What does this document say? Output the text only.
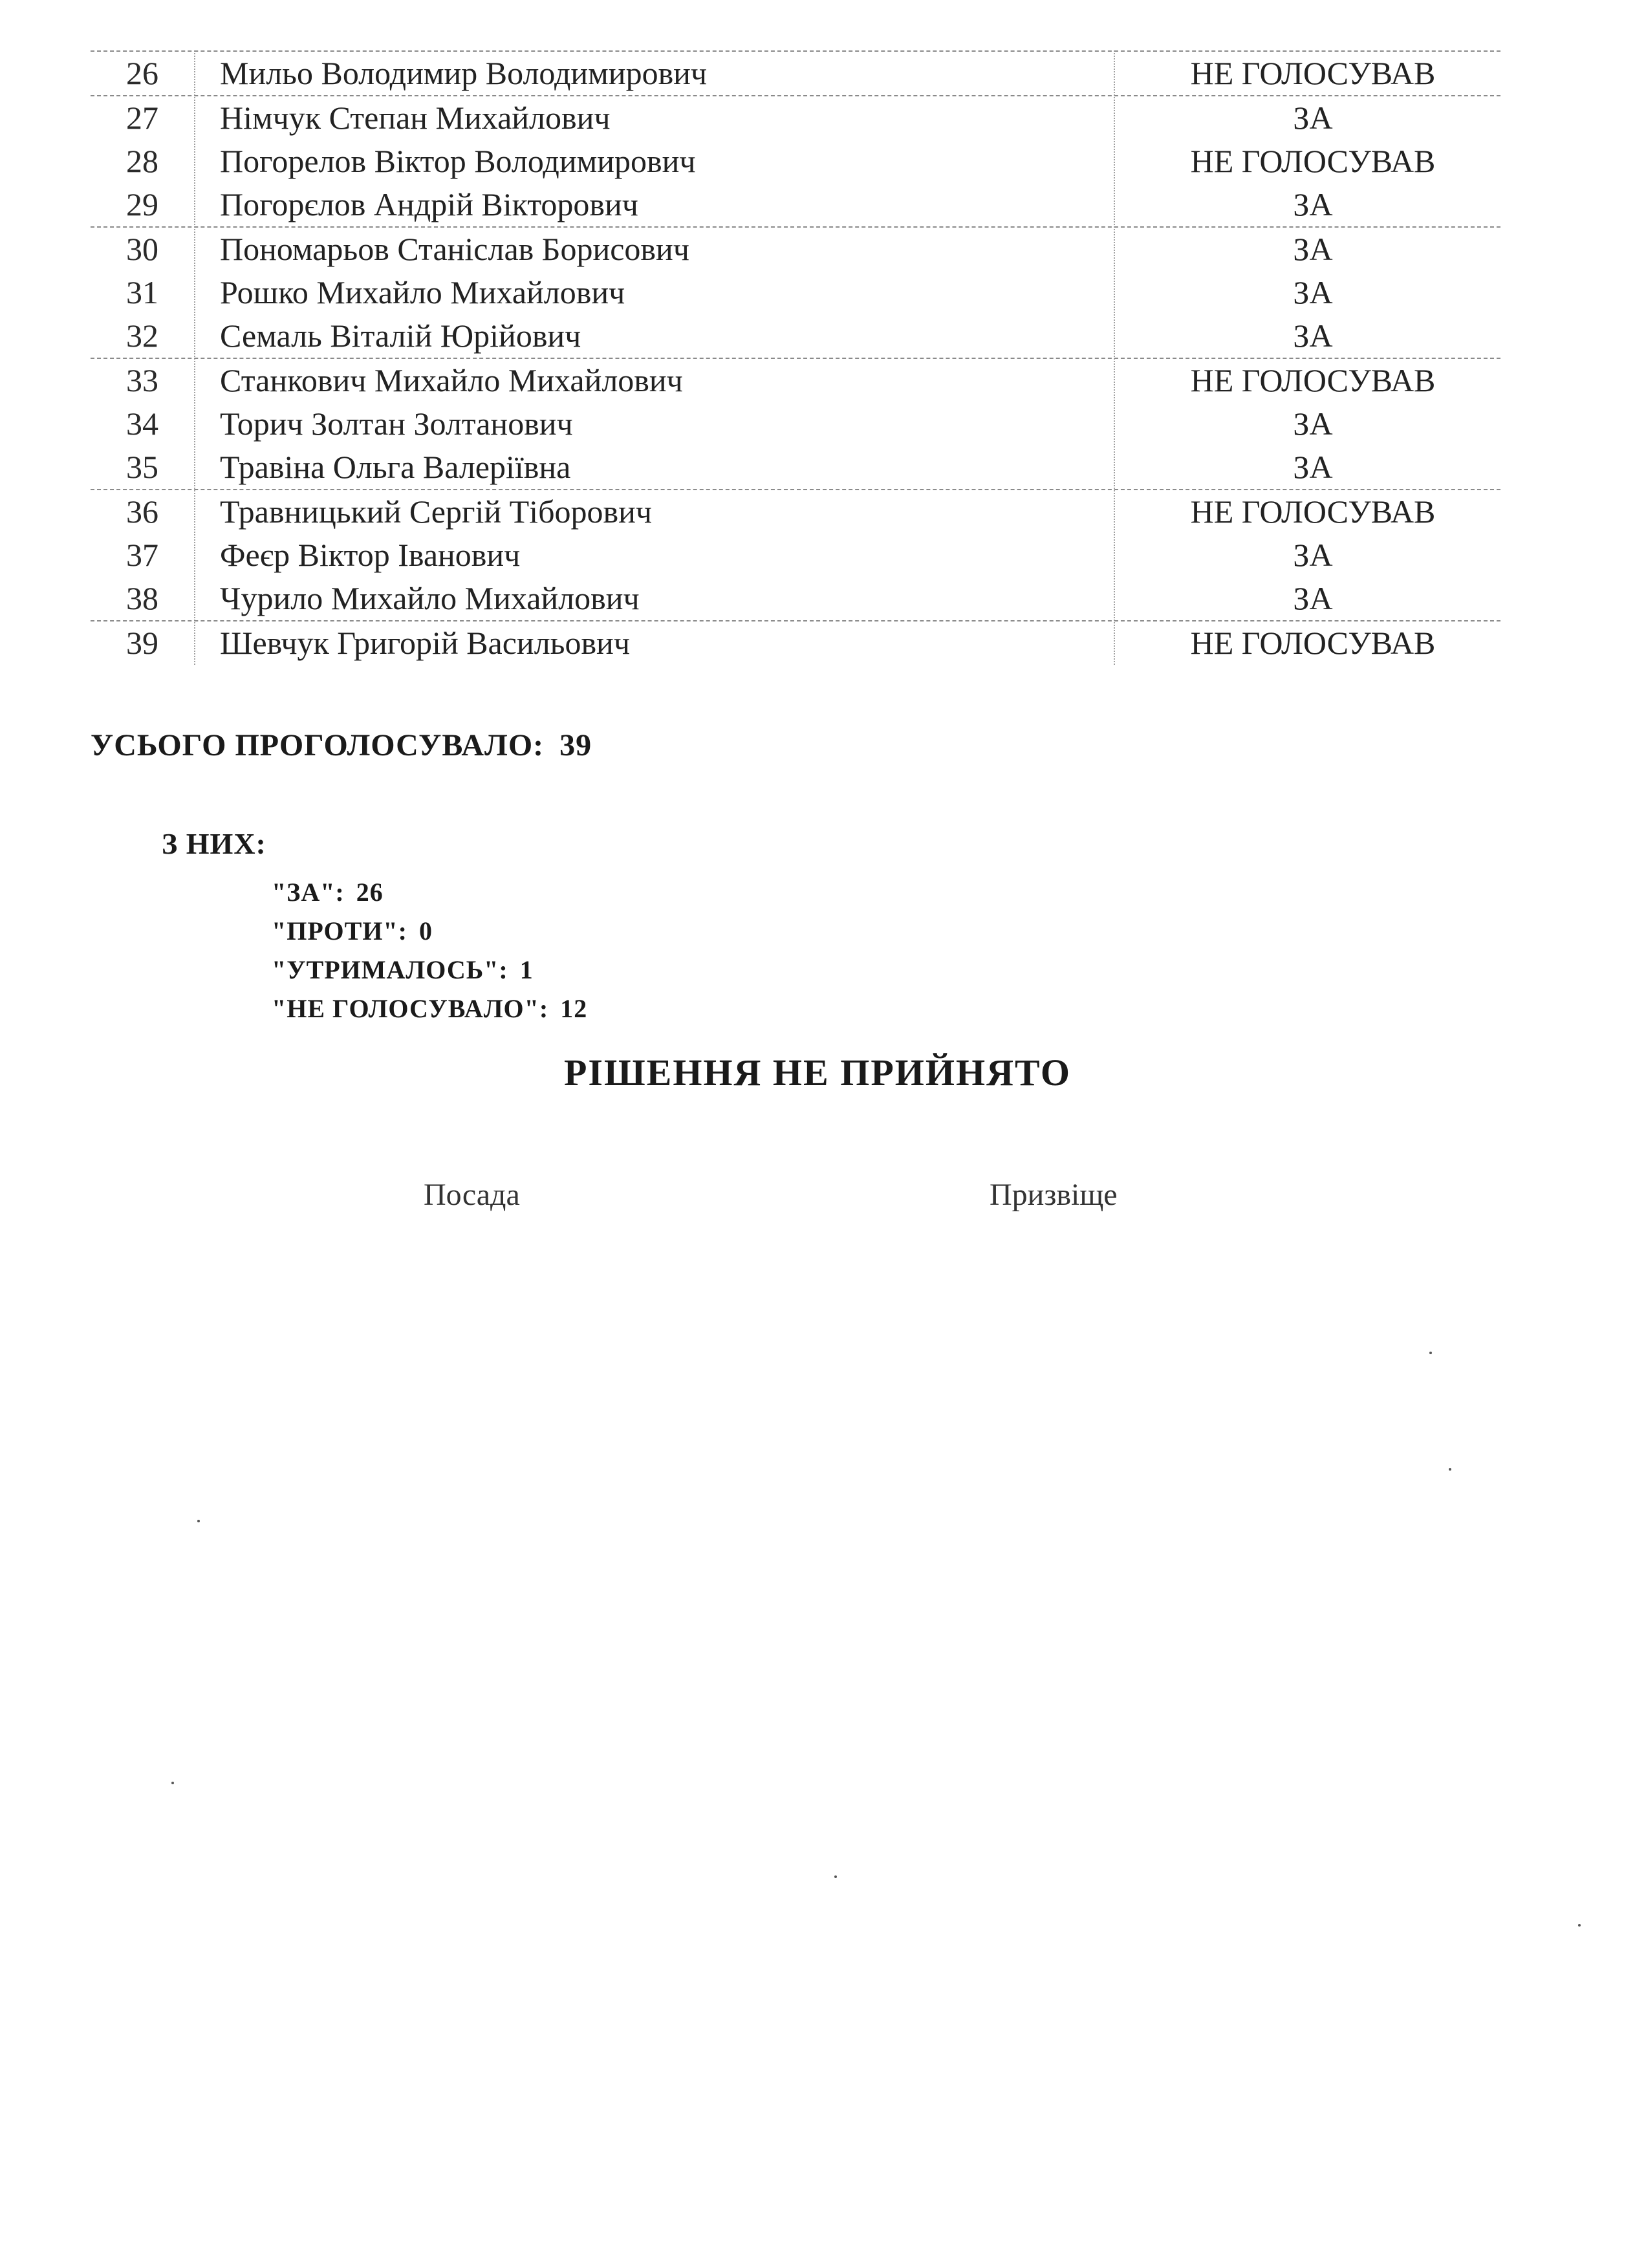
26	Мильо Володимир Володимирович	НЕ ГОЛОСУВАВ
27	Німчук Степан Михайлович	ЗА
28	Погорелов Віктор Володимирович	НЕ ГОЛОСУВАВ
29	Погорєлов Андрій Вікторович	ЗА
30	Пономарьов Станіслав Борисович	ЗА
31	Рошко Михайло Михайлович	ЗА
32	Семаль Віталій Юрійович	ЗА
33	Станкович Михайло Михайлович	НЕ ГОЛОСУВАВ
34	Торич Золтан Золтанович	ЗА
35	Травіна Ольга Валеріївна	ЗА
36	Травницький Сергій Тіборович	НЕ ГОЛОСУВАВ
37	Феєр Віктор Іванович	ЗА
38	Чурило Михайло Михайлович	ЗА
39	Шевчук Григорій Васильович	НЕ ГОЛОСУВАВ
УСЬОГО ПРОГОЛОСУВАЛО: 39
З НИХ:
"ЗА": 26
"ПРОТИ": 0
"УТРИМАЛОСЬ": 1
"НЕ ГОЛОСУВАЛО": 12
РІШЕННЯ НЕ ПРИЙНЯТО
Посада	Призвіще
